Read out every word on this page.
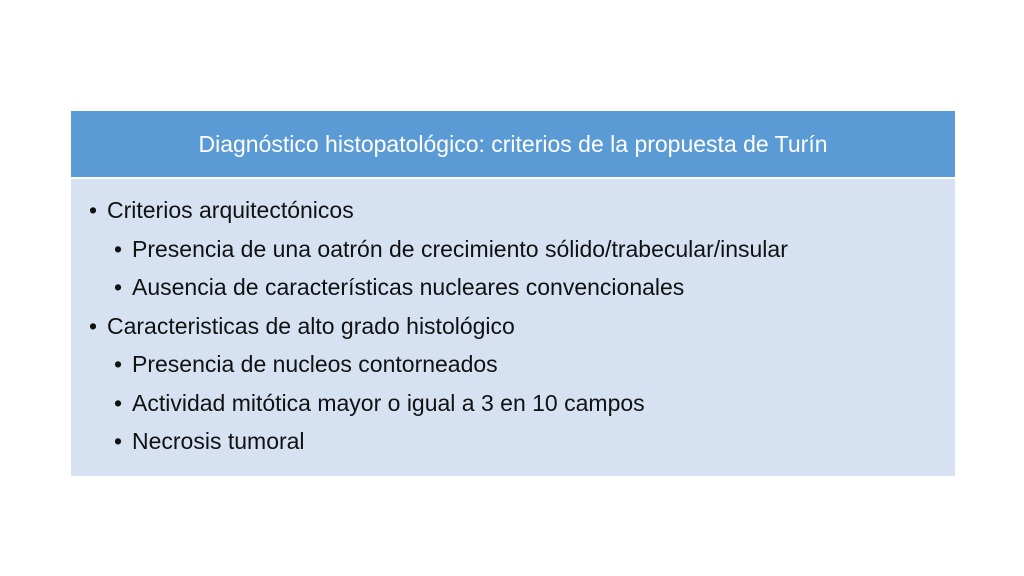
Diagnóstico histopatológico: criterios de la propuesta de Turín
• Criterios arquitectónicos
• Presencia de una oatrón de crecimiento sólido/trabecular/insular
• Ausencia de características nucleares convencionales
• Caracteristicas de alto grado histológico
• Presencia de nucleos contorneados
• Actividad mitótica mayor o igual a 3 en 10 campos
• Necrosis tumoral
